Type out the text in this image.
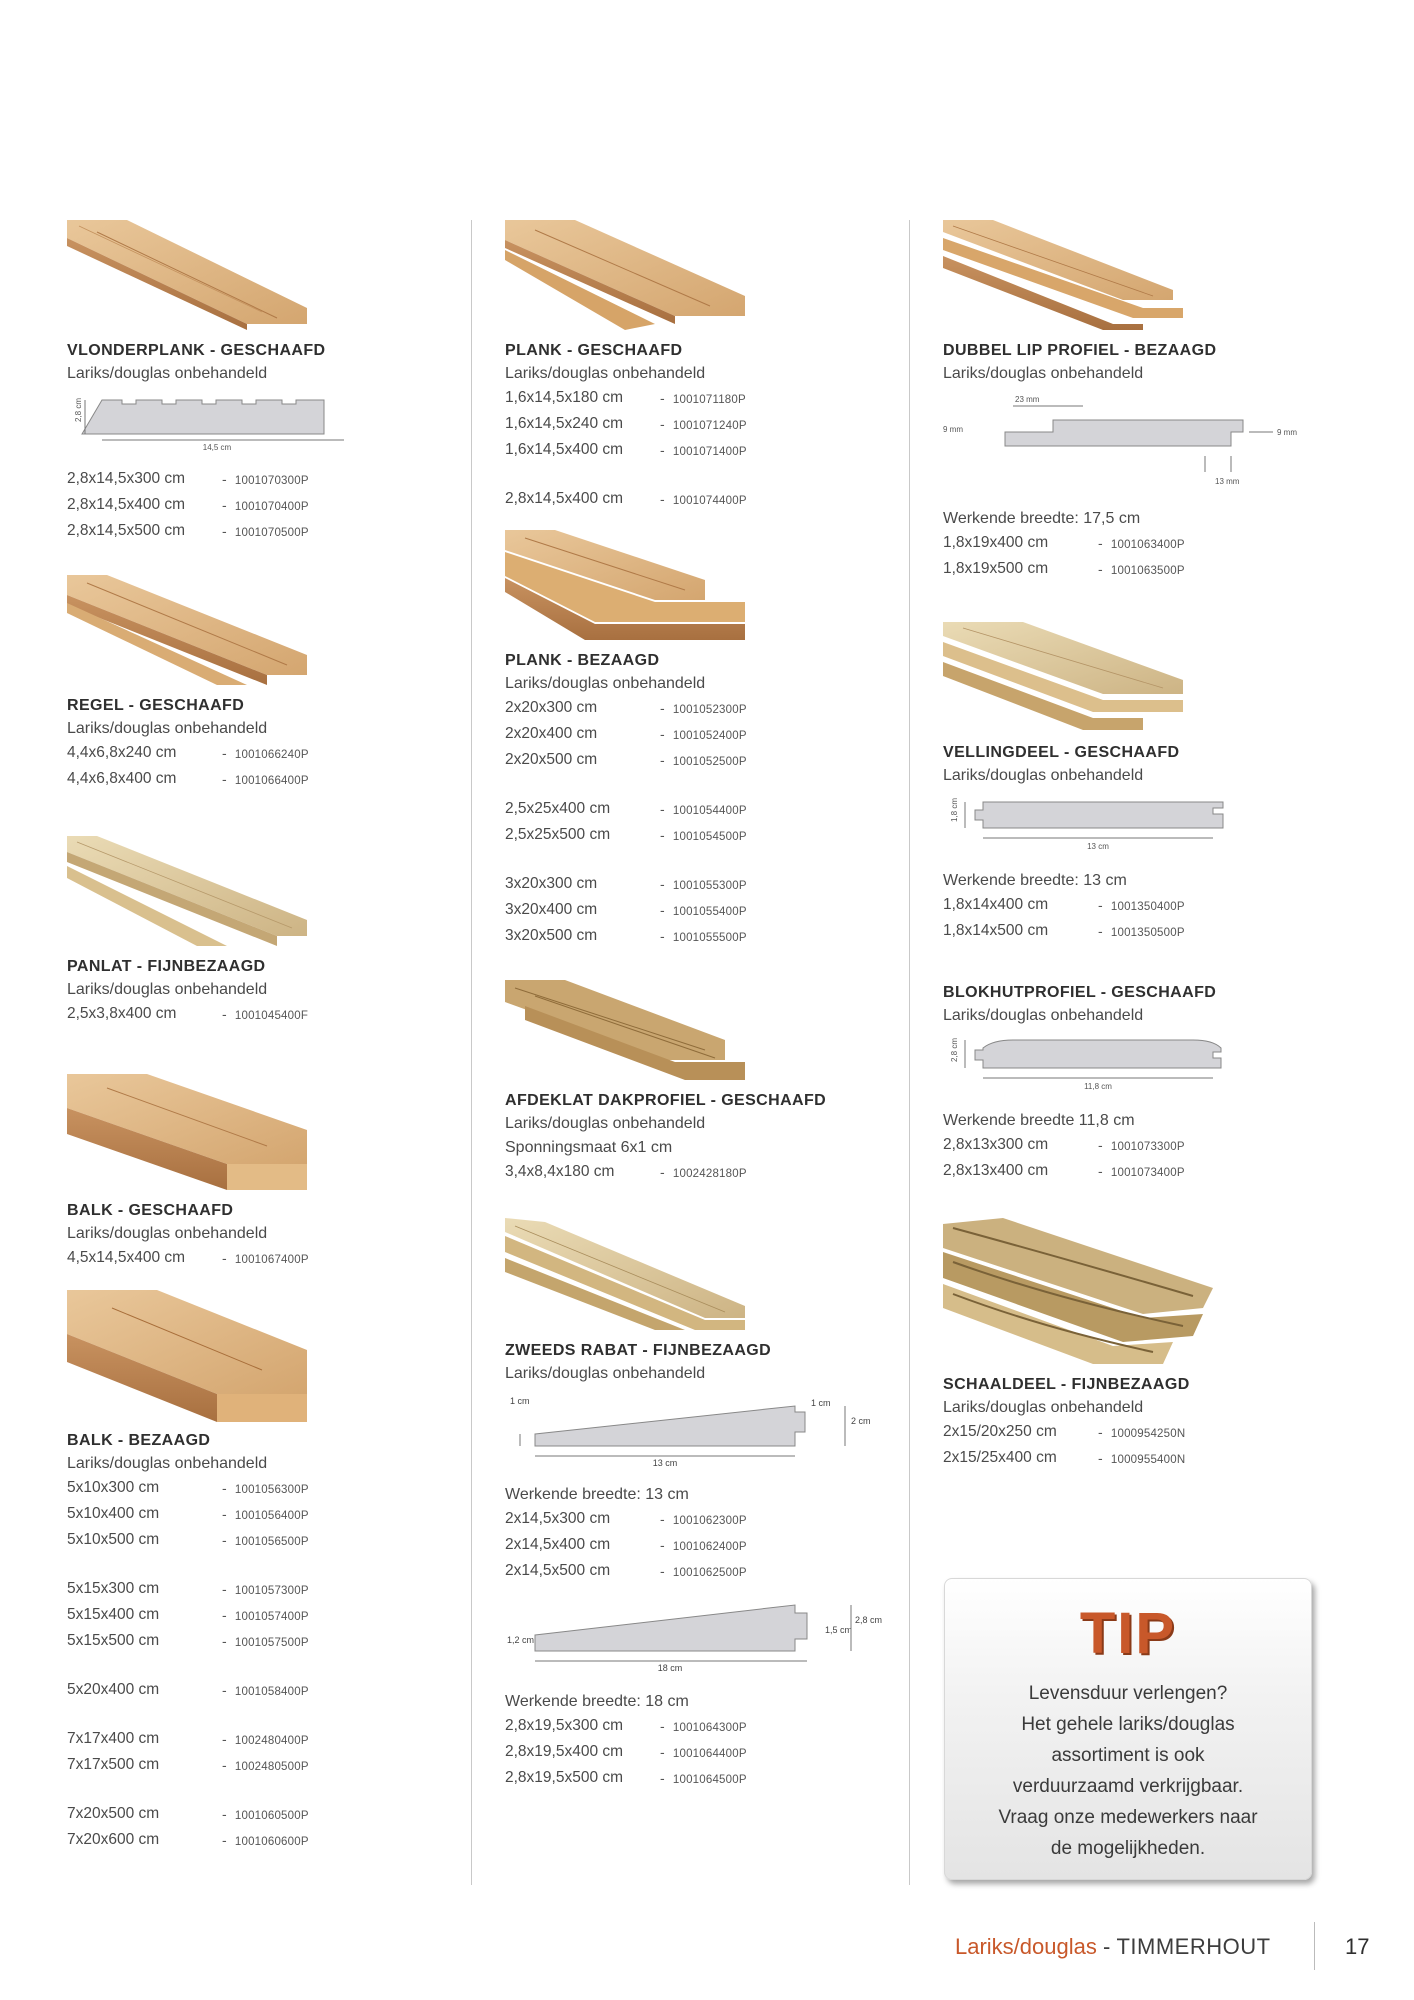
VLONDERPLANK - GESCHAAFD
Lariks/douglas onbehandeld
2,8 cm
14,5 cm
2,8x14,5x300 cm	- 1001070300P
2,8x14,5x400 cm	- 1001070400P
2,8x14,5x500 cm	- 1001070500P
REGEL - GESCHAAFD
Lariks/douglas onbehandeld
4,4x6,8x240 cm	- 1001066240P
4,4x6,8x400 cm	- 1001066400P
PANLAT - FIJNBEZAAGD
Lariks/douglas onbehandeld
2,5x3,8x400 cm	- 1001045400F
BALK - GESCHAAFD
Lariks/douglas onbehandeld
4,5x14,5x400 cm	- 1001067400P
BALK - BEZAAGD
Lariks/douglas onbehandeld
5x10x300 cm	- 1001056300P
5x10x400 cm	- 1001056400P
5x10x500 cm	- 1001056500P
5x15x300 cm	- 1001057300P
5x15x400 cm	- 1001057400P
5x15x500 cm	- 1001057500P
5x20x400 cm	- 1001058400P
7x17x400 cm	- 1002480400P
7x17x500 cm	- 1002480500P
7x20x500 cm	- 1001060500P
7x20x600 cm	- 1001060600P
PLANK - GESCHAAFD
Lariks/douglas onbehandeld
1,6x14,5x180 cm	- 1001071180P
1,6x14,5x240 cm	- 1001071240P
1,6x14,5x400 cm	- 1001071400P
2,8x14,5x400 cm	- 1001074400P
PLANK - BEZAAGD
Lariks/douglas onbehandeld
2x20x300 cm	- 1001052300P
2x20x400 cm	- 1001052400P
2x20x500 cm	- 1001052500P
2,5x25x400 cm	- 1001054400P
2,5x25x500 cm	- 1001054500P
3x20x300 cm	- 1001055300P
3x20x400 cm	- 1001055400P
3x20x500 cm	- 1001055500P
AFDEKLAT DAKPROFIEL - GESCHAAFD
Lariks/douglas onbehandeld
Sponningsmaat 6x1 cm
3,4x8,4x180 cm	- 1002428180P
ZWEEDS RABAT - FIJNBEZAAGD
Lariks/douglas onbehandeld
1 cm	1 cm
2 cm
13 cm
Werkende breedte: 13 cm
2x14,5x300 cm	- 1001062300P
2x14,5x400 cm	- 1001062400P
2x14,5x500 cm	- 1001062500P
1,2 cm
1,5 cm
2,8 cm
18 cm
Werkende breedte: 18 cm
2,8x19,5x300 cm	- 1001064300P
2,8x19,5x400 cm	- 1001064400P
2,8x19,5x500 cm	- 1001064500P
DUBBEL LIP PROFIEL - BEZAAGD
Lariks/douglas onbehandeld
23 mm
9 mm	9 mm
13 mm
Werkende breedte: 17,5 cm
1,8x19x400 cm	- 1001063400P
1,8x19x500 cm	- 1001063500P
VELLINGDEEL - GESCHAAFD
Lariks/douglas onbehandeld
1,8 cm
13 cm
Werkende breedte: 13 cm
1,8x14x400 cm	- 1001350400P
1,8x14x500 cm	- 1001350500P
BLOKHUTPROFIEL - GESCHAAFD
Lariks/douglas onbehandeld
2,8 cm
11,8 cm
Werkende breedte 11,8 cm
2,8x13x300 cm	- 1001073300P
2,8x13x400 cm	- 1001073400P
SCHAALDEEL - FIJNBEZAAGD
Lariks/douglas onbehandeld
2x15/20x250 cm	- 1000954250N
2x15/25x400 cm	- 1000955400N
TIP
Levensduur verlengen?
Het gehele lariks/douglas
assortiment is ook
verduurzaamd verkrijgbaar.
Vraag onze medewerkers naar
de mogelijkheden.
Lariks/douglas - TIMMERHOUT	17
